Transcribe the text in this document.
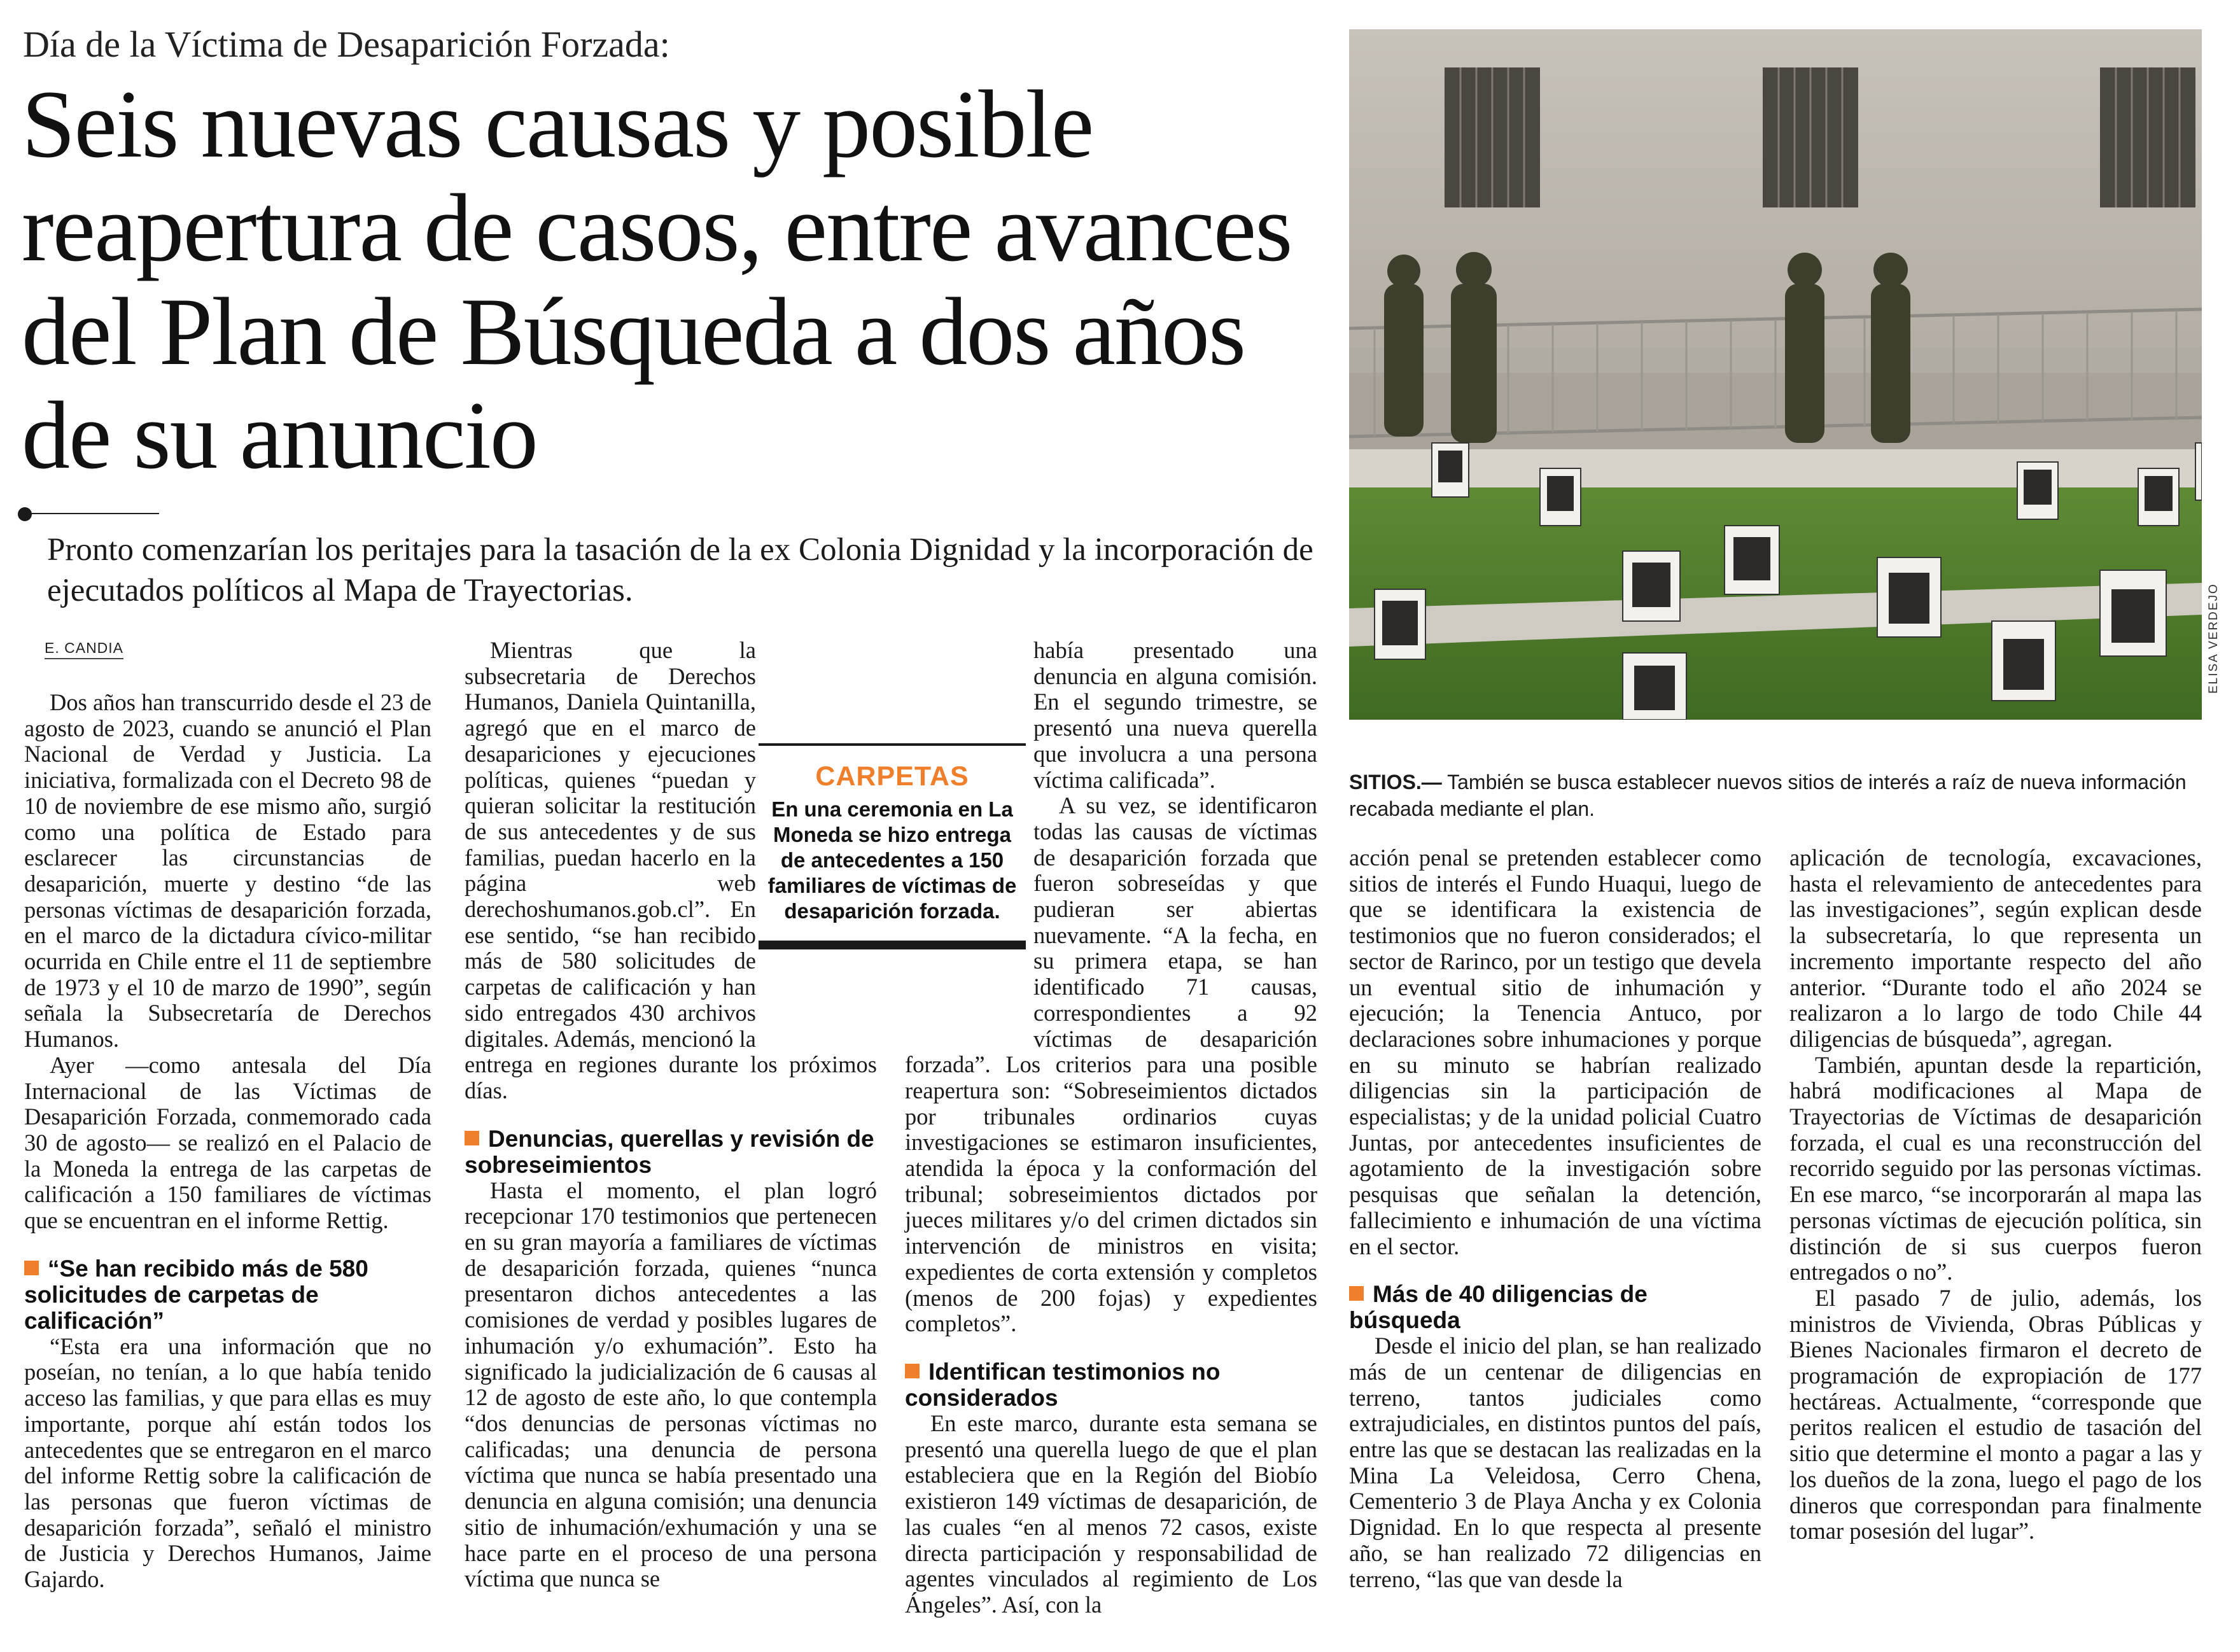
Día de la Víctima de Desaparición Forzada:
Seis nuevas causas y posible reapertura de casos, entre avances del Plan de Búsqueda a dos años de su anuncio
Pronto comenzarían los peritajes para la tasación de la ex Colonia Dignidad y la incorporación de ejecutados políticos al Mapa de Trayectorias.
E. CANDIA

Dos años han transcurrido desde el 23 de agosto de 2023, cuando se anunció el Plan Nacional de Verdad y Justicia. La iniciativa, formalizada con el Decreto 98 de 10 de noviembre de ese mismo año, surgió como una política de Estado para esclarecer las circunstancias de desaparición, muerte y destino “de las personas víctimas de desaparición forzada, en el marco de la dictadura cívico-militar ocurrida en Chile entre el 11 de septiembre de 1973 y el 10 de marzo de 1990”, según señala la Subsecretaría de Derechos Humanos.

Ayer —como antesala del Día Internacional de las Víctimas de Desaparición Forzada, conmemorado cada 30 de agosto— se realizó en el Palacio de la Moneda la entrega de las carpetas de calificación a 150 familiares de víctimas que se encuentran en el informe Rettig.

“Se han recibido más de 580 solicitudes de carpetas de calificación”

“Esta era una información que no poseían, no tenían, a lo que había tenido acceso las familias, y que para ellas es muy importante, porque ahí están todos los antecedentes que se entregaron en el marco del informe Rettig sobre la calificación de las personas que fueron víctimas de desaparición forzada”, señaló el ministro de Justicia y Derechos Humanos, Jaime Gajardo.

Mientras que la subsecretaria de Derechos Humanos, Daniela Quintanilla, agregó que en el marco de desapariciones y ejecuciones políticas, quienes “puedan y quieran solicitar la restitución de sus antecedentes y de sus familias, puedan hacerlo en la página web derechoshumanos.gob.cl”. En ese sentido, “se han recibido más de 580 solicitudes de carpetas de calificación y han sido entregados 430 archivos digitales. Además, mencionó la entrega en regiones durante los próximos días.

Denuncias, querellas y revisión de sobreseimientos

Hasta el momento, el plan logró recepcionar 170 testimonios que pertenecen en su gran mayoría a familiares de víctimas de desaparición forzada, quienes “nunca presentaron dichos antecedentes a las comisiones de verdad y posibles lugares de inhumación y/o exhumación”. Esto ha significado la judicialización de 6 causas al 12 de agosto de este año, lo que contempla “dos denuncias de personas víctimas no calificadas; una denuncia de persona víctima que nunca se había presentado una denuncia en alguna comisión; una denuncia sitio de inhumación/exhumación y una se hace parte en el proceso de una persona víctima que nunca se

había presentado una denuncia en alguna comisión. En el segundo trimestre, se presentó una nueva querella que involucra a una persona víctima calificada”.

A su vez, se identificaron todas las causas de víctimas de desaparición forzada que fueron sobreseídas y que pudieran ser abiertas nuevamente. “A la fecha, en su primera etapa, se han identificado 71 causas, correspondientes a 92 víctimas de desaparición forzada”. Los criterios para una posible reapertura son: “Sobreseimientos dictados por tribunales ordinarios cuyas investigaciones se estimaron insuficientes, atendida la época y la conformación del tribunal; sobreseimientos dictados por jueces militares y/o del crimen dictados sin intervención de ministros en visita; expedientes de corta extensión y completos (menos de 200 fojas) y expedientes completos”.

Identifican testimonios no considerados

En este marco, durante esta semana se presentó una querella luego de que el plan estableciera que en la Región del Biobío existieron 149 víctimas de desaparición, de las cuales “en al menos 72 casos, existe directa participación y responsabilidad de agentes vinculados al regimiento de Los Ángeles”. Así, con la

CARPETAS
En una ceremonia en La Moneda se hizo entrega de antecedentes a 150 familiares de víctimas de desaparición forzada.
ELISA VERDEJO
SITIOS.— También se busca establecer nuevos sitios de interés a raíz de nueva información recabada mediante el plan.

acción penal se pretenden establecer como sitios de interés el Fundo Huaqui, luego de que se identificara la existencia de testimonios que no fueron considerados; el sector de Rarinco, por un testigo que devela un eventual sitio de inhumación y ejecución; la Tenencia Antuco, por declaraciones sobre inhumaciones y porque en su minuto se habrían realizado diligencias sin la participación de especialistas; y de la unidad policial Cuatro Juntas, por antecedentes insuficientes de agotamiento de la investigación sobre pesquisas que señalan la detención, fallecimiento e inhumación de una víctima en el sector.

Más de 40 diligencias de búsqueda

Desde el inicio del plan, se han realizado más de un centenar de diligencias en terreno, tantos judiciales como extrajudiciales, en distintos puntos del país, entre las que se destacan las realizadas en la Mina La Veleidosa, Cerro Chena, Cementerio 3 de Playa Ancha y ex Colonia Dignidad. En lo que respecta al presente año, se han realizado 72 diligencias en terreno, “las que van desde la

aplicación de tecnología, excavaciones, hasta el relevamiento de antecedentes para las investigaciones”, según explican desde la subsecretaría, lo que representa un incremento importante respecto del año anterior. “Durante todo el año 2024 se realizaron a lo largo de todo Chile 44 diligencias de búsqueda”, agregan.

También, apuntan desde la repartición, habrá modificaciones al Mapa de Trayectorias de Víctimas de desaparición forzada, el cual es una reconstrucción del recorrido seguido por las personas víctimas. En ese marco, “se incorporarán al mapa las personas víctimas de ejecución política, sin distinción de si sus cuerpos fueron entregados o no”.

El pasado 7 de julio, además, los ministros de Vivienda, Obras Públicas y Bienes Nacionales firmaron el decreto de programación de expropiación de 177 hectáreas. Actualmente, “corresponde que peritos realicen el estudio de tasación del sitio que determine el monto a pagar a las y los dueños de la zona, luego el pago de los dineros que correspondan para finalmente tomar posesión del lugar”.
